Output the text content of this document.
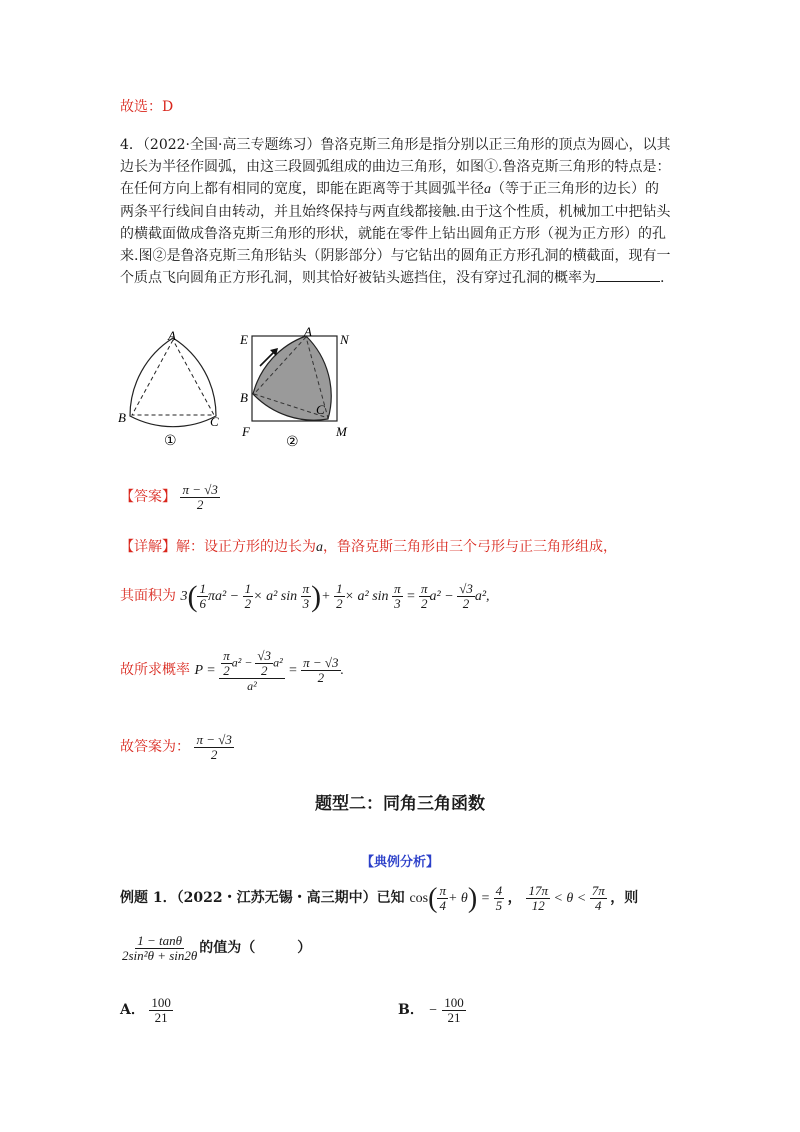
故选：D
4．（2022·全国·高三专题练习）鲁洛克斯三角形是指分别以正三角形的顶点为圆心，以其
边长为半径作圆弧，由这三段圆弧组成的曲边三角形，如图①.鲁洛克斯三角形的特点是：
在任何方向上都有相同的宽度，即能在距离等于其圆弧半径a（等于正三角形的边长）的
两条平行线间自由转动，并且始终保持与两直线都接触.由于这个性质，机械加工中把钻头
的横截面做成鲁洛克斯三角形的形状，就能在零件上钻出圆角正方形（视为正方形）的孔
来.图②是鲁洛克斯三角形钻头（阴影部分）与它钻出的圆角正方形孔洞的横截面，现有一
个质点飞向圆角正方形孔洞，则其恰好被钻头遮挡住，没有穿过孔洞的概率为	.
A
B	C
①
E
A
N
B
C
F	M
②
【答案】 $\frac{\pi - √3}{2}$
【详解】解：设正方形的边长为a，鲁洛克斯三角形由三个弓形与正三角形组成，
其面积为 $3( \frac{1}{6} \pi a^2 - \frac{1}{2} \times a^2$ $\sin \frac{\pi}{3}$ )+ $\frac{1}{2} \times a^2$ $\sin \frac{\pi}{3} = \frac{\pi}{2} a^2 - \frac{√3}{2} a^2$,
故所求概率 $P = \frac{\frac{\pi}{2} a^2 - \frac{√3}{2} a^2}{\text{a²}} = \frac{\pi - √3}{2}$ .
故答案为： $\frac{\pi - √3}{2}$
题型二：同角三角函数
【典例分析】
例题 1．（2022・江苏无锡・高三期中）已知 $\cos( \frac{\pi}{4} + \theta) = \frac{4}{5}$ ， $\frac{17\pi}{12} < \theta < \frac{7\pi}{4}$ ，则
$\frac{1 - \tan\theta}{\text{2sin²θ + sin2θ}}$ 的值为（　　　）
A． $\frac{100}{21}$	B． − $\frac{100}{21}$
